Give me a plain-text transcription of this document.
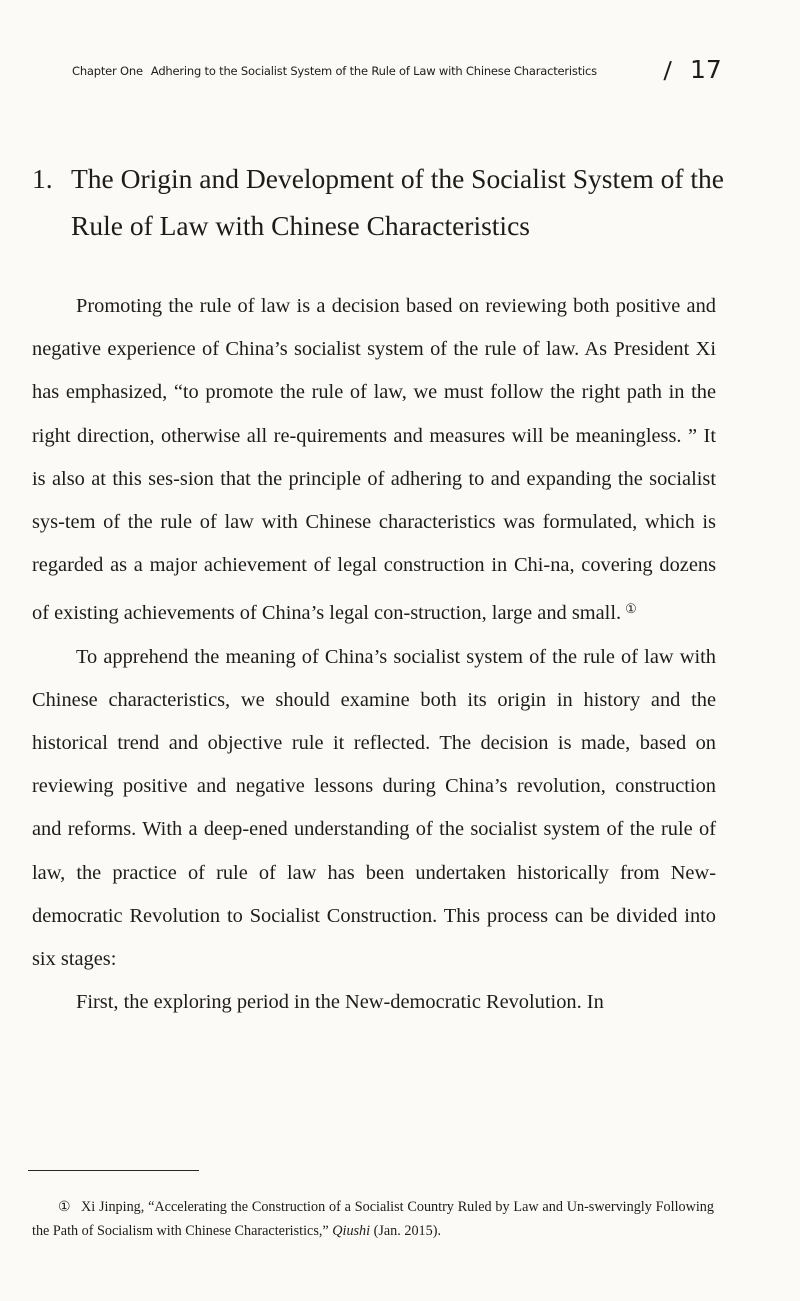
Chapter One Adhering to the Socialist System of the Rule of Law with Chinese Characteristics	/ 17
1. The Origin and Development of the Socialist System of the Rule of Law with Chinese Characteristics

Promoting the rule of law is a decision based on reviewing both positive and negative experience of China’s socialist system of the rule of law. As President Xi has emphasized, “to promote the rule of law, we must follow the right path in the right direction, otherwise all re-quirements and measures will be meaningless. ” It is also at this ses-sion that the principle of adhering to and expanding the socialist sys-tem of the rule of law with Chinese characteristics was formulated, which is regarded as a major achievement of legal construction in Chi-na, covering dozens of existing achievements of China’s legal con-struction, large and small. ①

To apprehend the meaning of China’s socialist system of the rule of law with Chinese characteristics, we should examine both its origin in history and the historical trend and objective rule it reflected. The decision is made, based on reviewing positive and negative lessons during China’s revolution, construction and reforms. With a deep-ened understanding of the socialist system of the rule of law, the practice of rule of law has been undertaken historically from New-democratic Revolution to Socialist Construction. This process can be divided into six stages:

First, the exploring period in the New-democratic Revolution. In

① Xi Jinping, “Accelerating the Construction of a Socialist Country Ruled by Law and Un-swervingly Following the Path of Socialism with Chinese Characteristics,” Qiushi (Jan. 2015).
